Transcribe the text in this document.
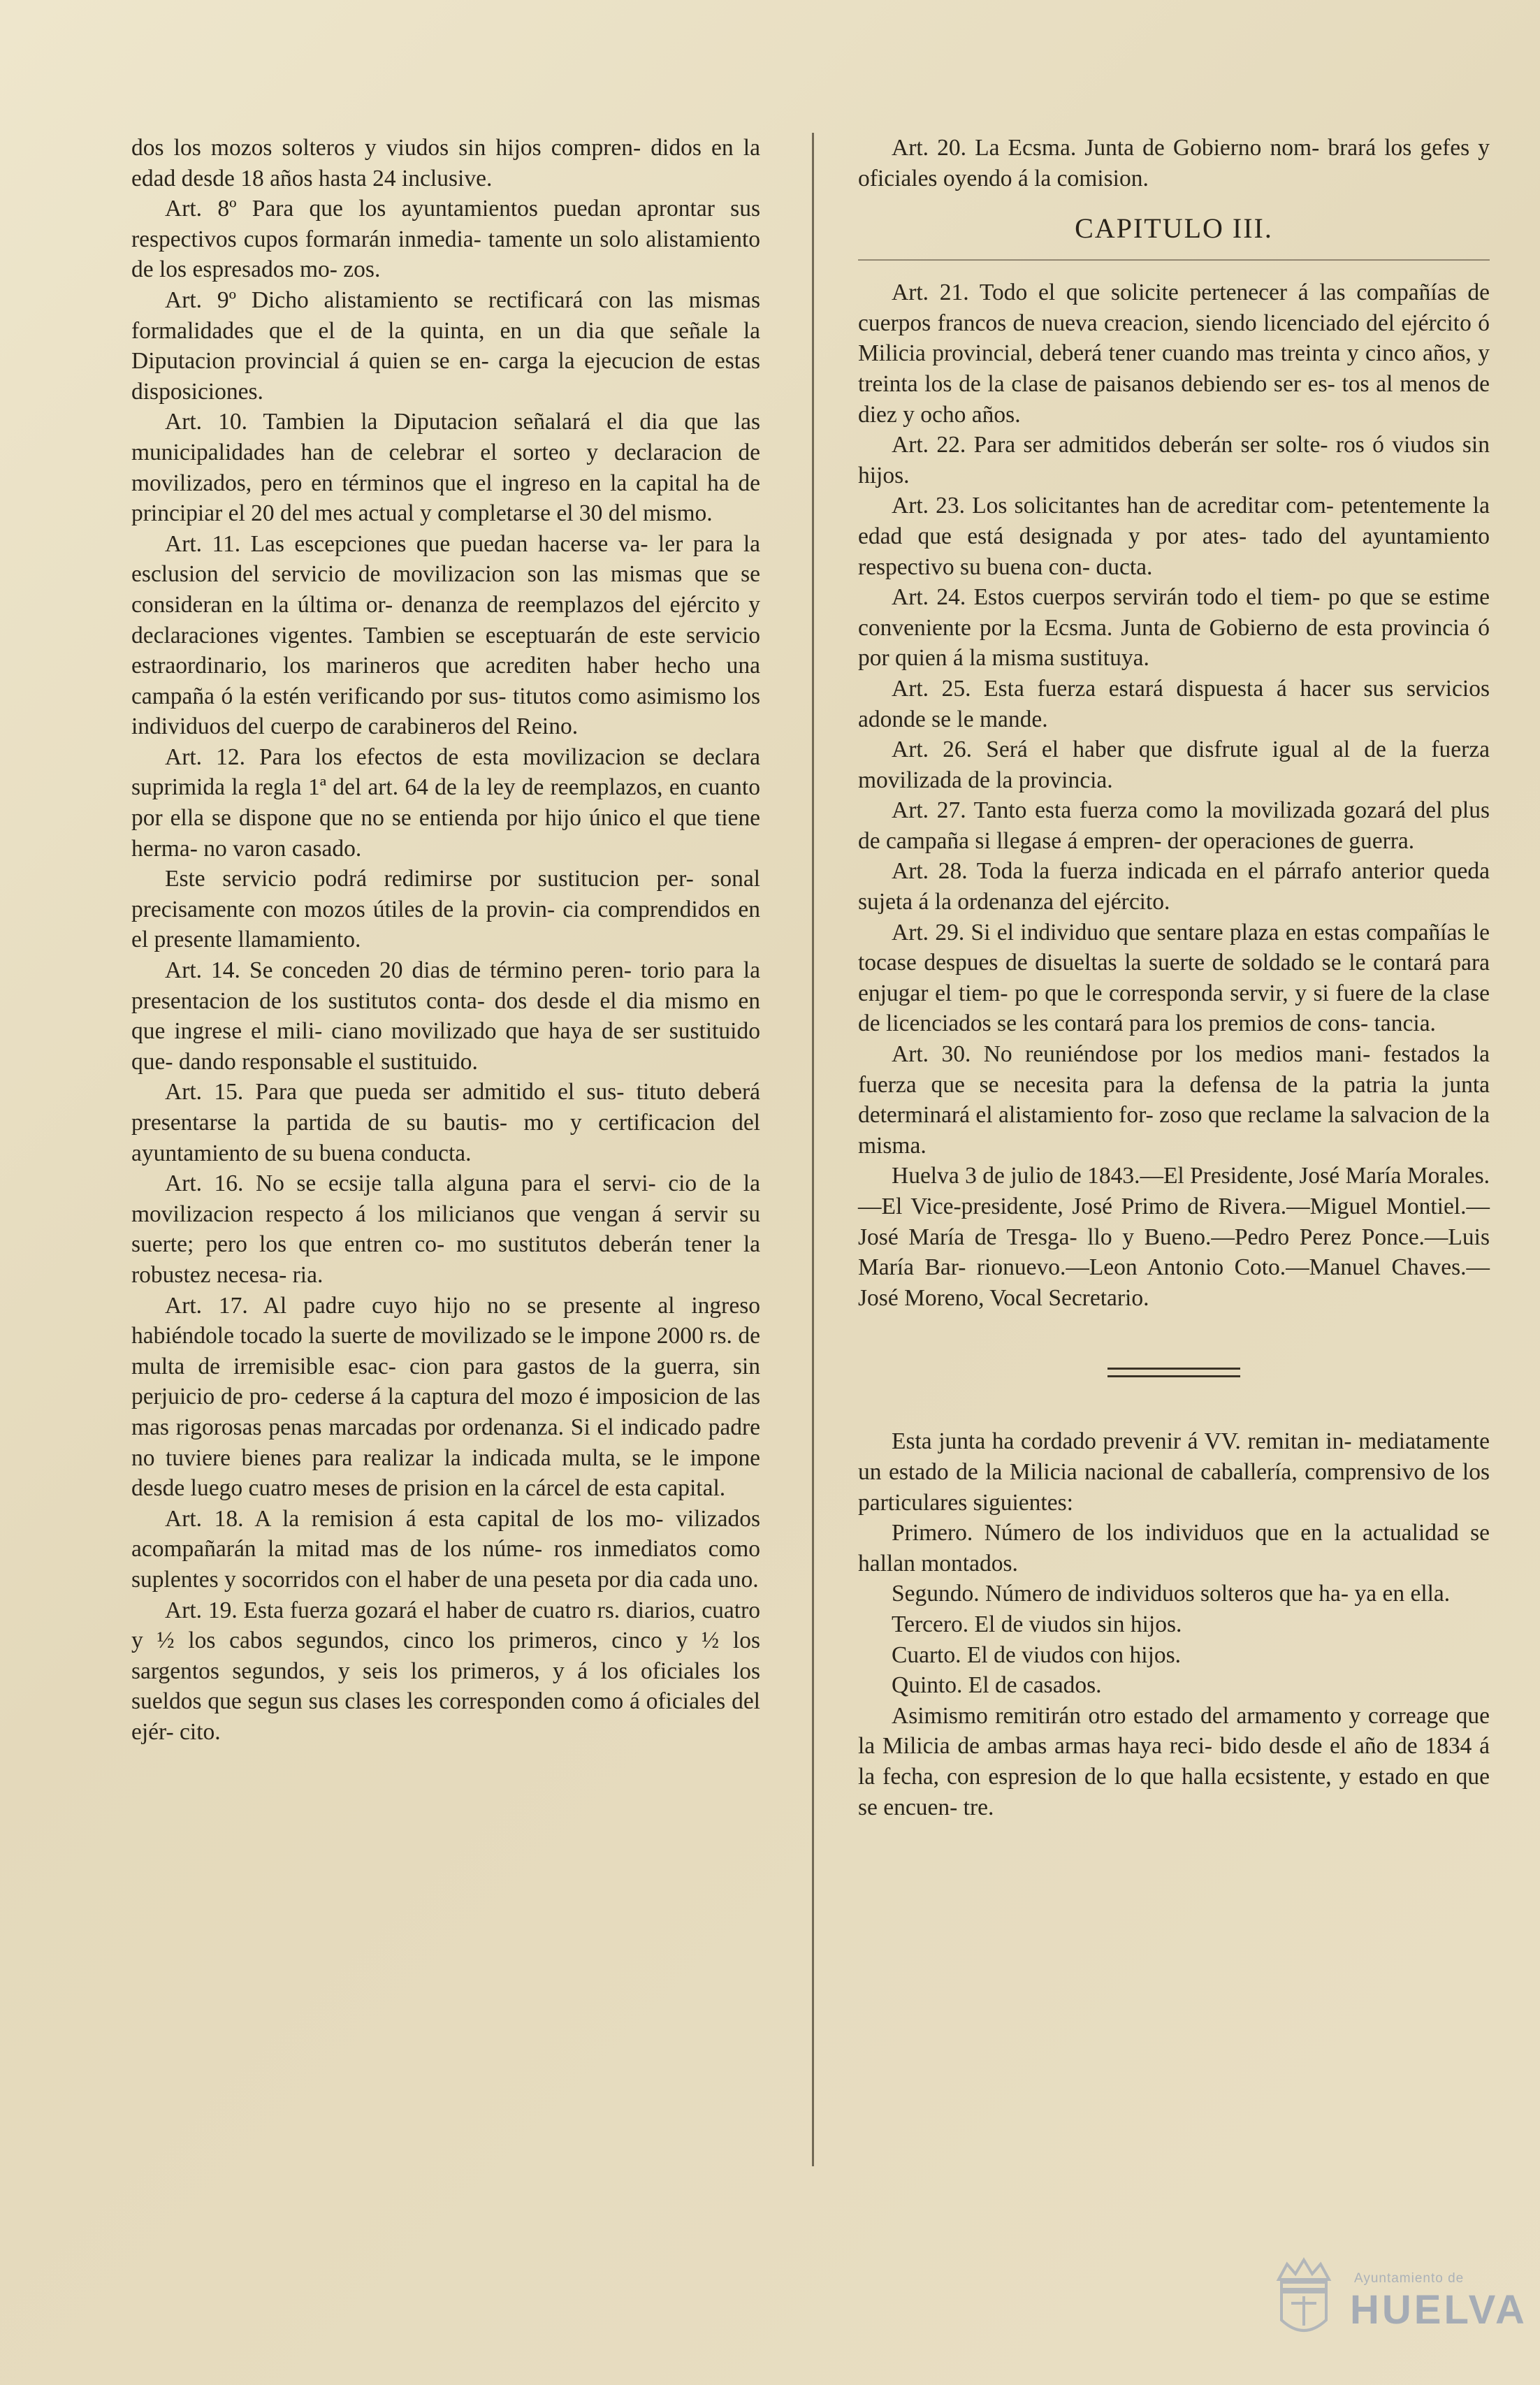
dos los mozos solteros y viudos sin hijos compren- didos en la edad desde 18 años hasta 24 inclusive.

Art. 8º Para que los ayuntamientos puedan aprontar sus respectivos cupos formarán inmedia- tamente un solo alistamiento de los espresados mo- zos.

Art. 9º Dicho alistamiento se rectificará con las mismas formalidades que el de la quinta, en un dia que señale la Diputacion provincial á quien se en- carga la ejecucion de estas disposiciones.

Art. 10. Tambien la Diputacion señalará el dia que las municipalidades han de celebrar el sorteo y declaracion de movilizados, pero en términos que el ingreso en la capital ha de principiar el 20 del mes actual y completarse el 30 del mismo.

Art. 11. Las escepciones que puedan hacerse va- ler para la esclusion del servicio de movilizacion son las mismas que se consideran en la última or- denanza de reemplazos del ejército y declaraciones vigentes. Tambien se esceptuarán de este servicio estraordinario, los marineros que acrediten haber hecho una campaña ó la estén verificando por sus- titutos como asimismo los individuos del cuerpo de carabineros del Reino.

Art. 12. Para los efectos de esta movilizacion se declara suprimida la regla 1ª del art. 64 de la ley de reemplazos, en cuanto por ella se dispone que no se entienda por hijo único el que tiene herma- no varon casado.

Este servicio podrá redimirse por sustitucion per- sonal precisamente con mozos útiles de la provin- cia comprendidos en el presente llamamiento.

Art. 14. Se conceden 20 dias de término peren- torio para la presentacion de los sustitutos conta- dos desde el dia mismo en que ingrese el mili- ciano movilizado que haya de ser sustituido que- dando responsable el sustituido.

Art. 15. Para que pueda ser admitido el sus- tituto deberá presentarse la partida de su bautis- mo y certificacion del ayuntamiento de su buena conducta.

Art. 16. No se ecsije talla alguna para el servi- cio de la movilizacion respecto á los milicianos que vengan á servir su suerte; pero los que entren co- mo sustitutos deberán tener la robustez necesa- ria.

Art. 17. Al padre cuyo hijo no se presente al ingreso habiéndole tocado la suerte de movilizado se le impone 2000 rs. de multa de irremisible esac- cion para gastos de la guerra, sin perjuicio de pro- cederse á la captura del mozo é imposicion de las mas rigorosas penas marcadas por ordenanza. Si el indicado padre no tuviere bienes para realizar la indicada multa, se le impone desde luego cuatro meses de prision en la cárcel de esta capital.

Art. 18. A la remision á esta capital de los mo- vilizados acompañarán la mitad mas de los núme- ros inmediatos como suplentes y socorridos con el haber de una peseta por dia cada uno.

Art. 19. Esta fuerza gozará el haber de cuatro rs. diarios, cuatro y ½ los cabos segundos, cinco los primeros, cinco y ½ los sargentos segundos, y seis los primeros, y á los oficiales los sueldos que segun sus clases les corresponden como á oficiales del ejér- cito.

Art. 20. La Ecsma. Junta de Gobierno nom- brará los gefes y oficiales oyendo á la comision.

CAPITULO III.

Art. 21. Todo el que solicite pertenecer á las compañías de cuerpos francos de nueva creacion, siendo licenciado del ejército ó Milicia provincial, deberá tener cuando mas treinta y cinco años, y treinta los de la clase de paisanos debiendo ser es- tos al menos de diez y ocho años.

Art. 22. Para ser admitidos deberán ser solte- ros ó viudos sin hijos.

Art. 23. Los solicitantes han de acreditar com- petentemente la edad que está designada y por ates- tado del ayuntamiento respectivo su buena con- ducta.

Art. 24. Estos cuerpos servirán todo el tiem- po que se estime conveniente por la Ecsma. Junta de Gobierno de esta provincia ó por quien á la misma sustituya.

Art. 25. Esta fuerza estará dispuesta á hacer sus servicios adonde se le mande.

Art. 26. Será el haber que disfrute igual al de la fuerza movilizada de la provincia.

Art. 27. Tanto esta fuerza como la movilizada gozará del plus de campaña si llegase á empren- der operaciones de guerra.

Art. 28. Toda la fuerza indicada en el párrafo anterior queda sujeta á la ordenanza del ejército.

Art. 29. Si el individuo que sentare plaza en estas compañías le tocase despues de disueltas la suerte de soldado se le contará para enjugar el tiem- po que le corresponda servir, y si fuere de la clase de licenciados se les contará para los premios de cons- tancia.

Art. 30. No reuniéndose por los medios mani- festados la fuerza que se necesita para la defensa de la patria la junta determinará el alistamiento for- zoso que reclame la salvacion de la misma.

Huelva 3 de julio de 1843.—El Presidente, José María Morales.—El Vice-presidente, José Primo de Rivera.—Miguel Montiel.—José María de Tresga- llo y Bueno.—Pedro Perez Ponce.—Luis María Bar- rionuevo.—Leon Antonio Coto.—Manuel Chaves.— José Moreno, Vocal Secretario.

Esta junta ha cordado prevenir á VV. remitan in- mediatamente un estado de la Milicia nacional de caballería, comprensivo de los particulares siguientes:

Primero. Número de los individuos que en la actualidad se hallan montados.

Segundo. Número de individuos solteros que ha- ya en ella.

Tercero. El de viudos sin hijos.

Cuarto. El de viudos con hijos.

Quinto. El de casados.

Asimismo remitirán otro estado del armamento y correage que la Milicia de ambas armas haya reci- bido desde el año de 1834 á la fecha, con espresion de lo que halla ecsistente, y estado en que se encuen- tre.

Ayuntamiento de
HUELVA
